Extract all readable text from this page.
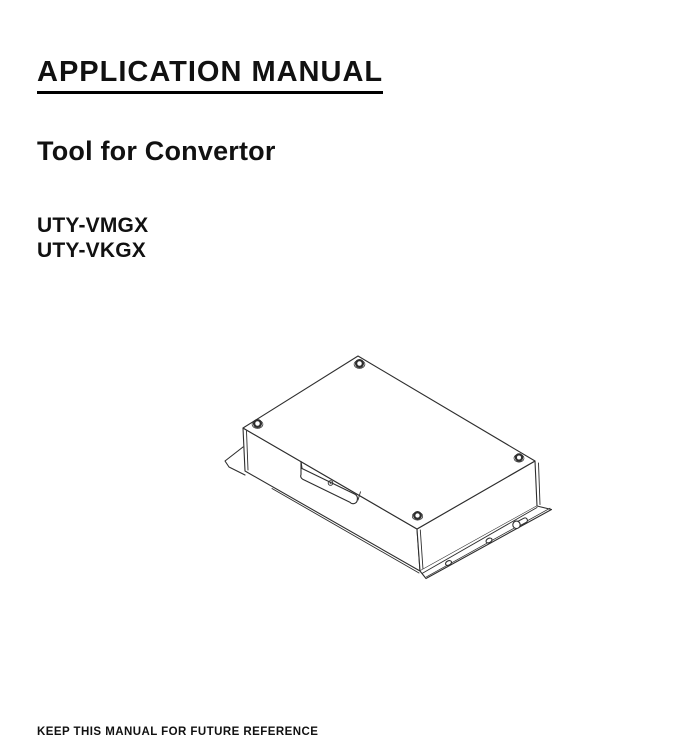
APPLICATION MANUAL
Tool for Convertor
UTY-VMGX
UTY-VKGX
KEEP THIS MANUAL FOR FUTURE REFERENCE
